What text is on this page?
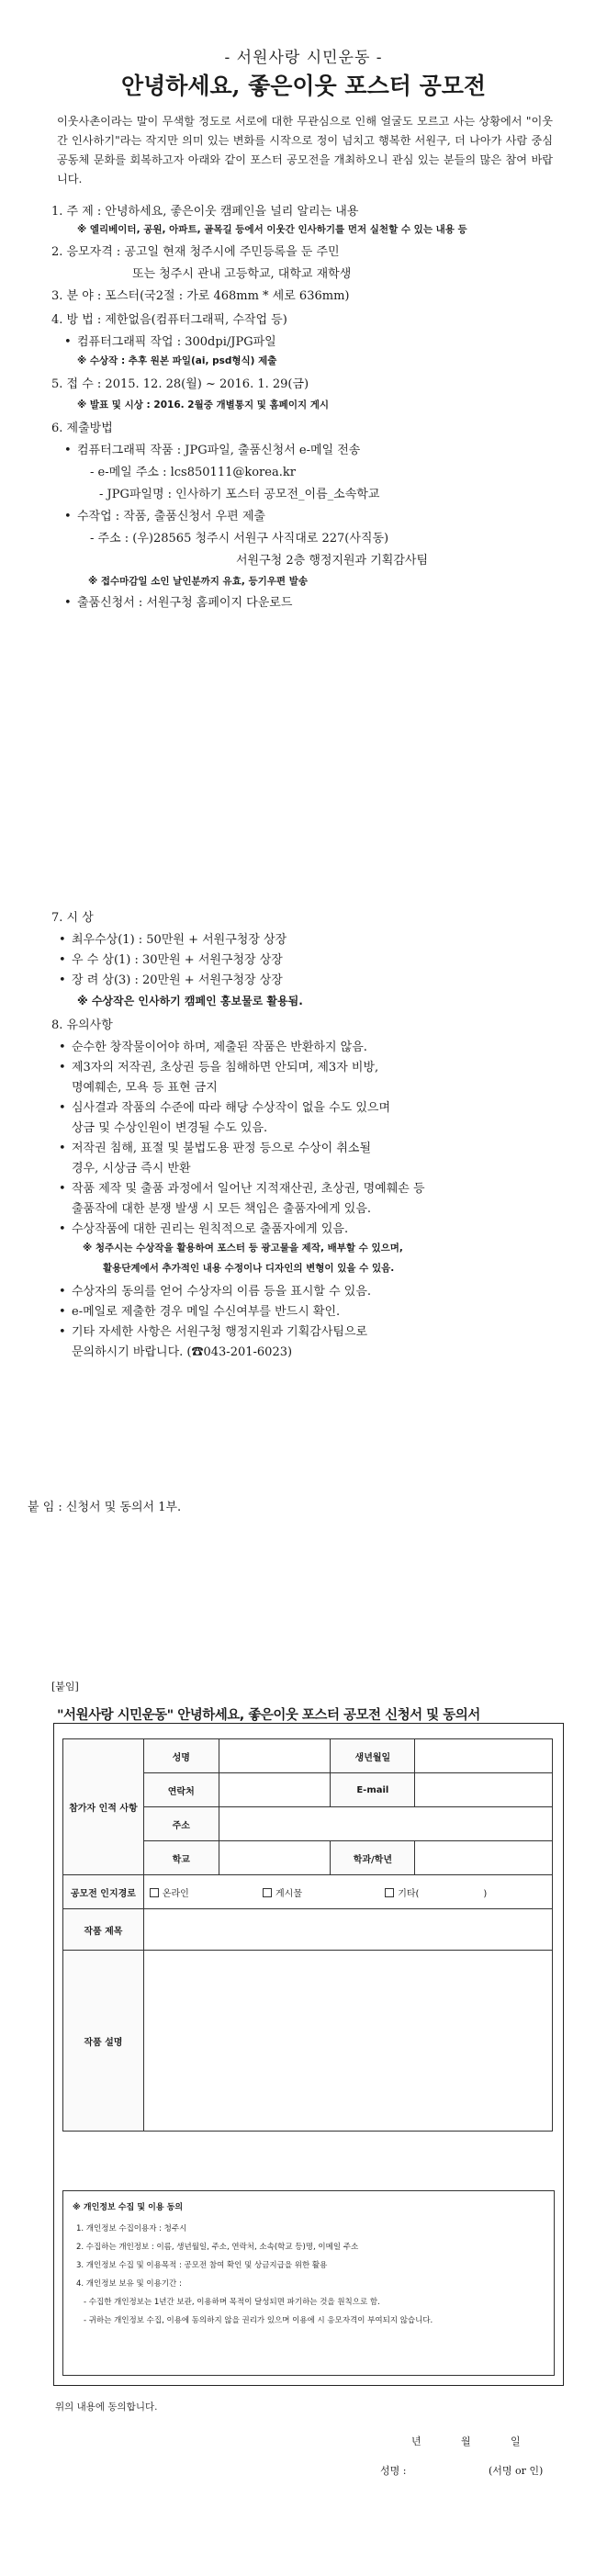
- 서원사랑 시민운동 -
안녕하세요, 좋은이웃 포스터 공모전
이웃사촌이라는 말이 무색할 정도로 서로에 대한 무관심으로 인해 얼굴도 모르고 사는 상황에서 "이웃간 인사하기"라는 작지만 의미 있는 변화를 시작으로 정이 넘치고 행복한 서원구, 더 나아가 사람 중심 공동체 문화를 회복하고자 아래와 같이 포스터 공모전을 개최하오니 관심 있는 분들의 많은 참여 바랍니다.
1. 주 제 : 안녕하세요, 좋은이웃 캠페인을 널리 알리는 내용
※ 엘리베이터, 공원, 아파트, 골목길 등에서 이웃간 인사하기를 먼저 실천할 수 있는 내용 등
2. 응모자격 : 공고일 현재 청주시에 주민등록을 둔 주민
또는 청주시 관내 고등학교, 대학교 재학생
3. 분 야 : 포스터(국2절 : 가로 468mm * 세로 636mm)
4. 방 법 : 제한없음(컴퓨터그래픽, 수작업 등)
• 컴퓨터그래픽 작업 : 300dpi/JPG파일
※ 수상작 : 추후 원본 파일(ai, psd형식) 제출
5. 접 수 : 2015. 12. 28(월) ~ 2016. 1. 29(금)
※ 발표 및 시상 : 2016. 2월중 개별통지 및 홈페이지 게시
6. 제출방법
• 컴퓨터그래픽 작품 : JPG파일, 출품신청서 e-메일 전송
- e-메일 주소 : lcs850111@korea.kr
- JPG파일명 : 인사하기 포스터 공모전_이름_소속학교
• 수작업 : 작품, 출품신청서 우편 제출
- 주소 : (우)28565 청주시 서원구 사직대로 227(사직동)
서원구청 2층 행정지원과 기획감사팀
※ 접수마감일 소인 날인분까지 유효, 등기우편 발송
• 출품신청서 : 서원구청 홈페이지 다운로드
7. 시 상
• 최우수상(1) : 50만원 + 서원구청장 상장
• 우 수 상(1) : 30만원 + 서원구청장 상장
• 장 려 상(3) : 20만원 + 서원구청장 상장
※ 수상작은 인사하기 캠페인 홍보물로 활용됨.
8. 유의사항
• 순수한 창작물이어야 하며, 제출된 작품은 반환하지 않음.
• 제3자의 저작권, 초상권 등을 침해하면 안되며, 제3자 비방,
명예훼손, 모욕 등 표현 금지
• 심사결과 작품의 수준에 따라 해당 수상작이 없을 수도 있으며
상금 및 수상인원이 변경될 수도 있음.
• 저작권 침해, 표절 및 불법도용 판정 등으로 수상이 취소될
경우, 시상금 즉시 반환
• 작품 제작 및 출품 과정에서 일어난 지적재산권, 초상권, 명예훼손 등
출품작에 대한 분쟁 발생 시 모든 책임은 출품자에게 있음.
• 수상작품에 대한 권리는 원칙적으로 출품자에게 있음.
※ 청주시는 수상작을 활용하여 포스터 등 광고물을 제작, 배부할 수 있으며,
활용단계에서 추가적인 내용 수정이나 디자인의 변형이 있을 수 있음.
• 수상자의 동의를 얻어 수상자의 이름 등을 표시할 수 있음.
• e-메일로 제출한 경우 메일 수신여부를 반드시 확인.
• 기타 자세한 사항은 서원구청 행정지원과 기획감사팀으로
문의하시기 바랍니다. (☎043-201-6023)
붙 임 : 신청서 및 동의서 1부.
[붙임]
"서원사랑 시민운동" 안녕하세요, 좋은이웃 포스터 공모전 신청서 및 동의서
참가자 인적 사항	성명		생년월일	
	연락처		E-mail	
	주소			
	학교		학과/학년	
공모전 인지경로	온라인 게시물 기타( )			
작품 제목				
작품 설명				
※ 개인정보 수집 및 이용 동의
1. 개인정보 수집이용자 : 청주시
2. 수집하는 개인정보 : 이름, 생년월일, 주소, 연락처, 소속(학교 등)명, 이메일 주소
3. 개인정보 수집 및 이용목적 : 공모전 참여 확인 및 상금지급을 위한 활용
4. 개인정보 보유 및 이용기간 :
- 수집한 개인정보는 1년간 보관, 이용하며 목적이 달성되면 파기하는 것을 원칙으로 함.
- 귀하는 개인정보 수집, 이용에 동의하지 않을 권리가 있으며 이용에 시 응모자격이 부여되지 않습니다.
위의 내용에 동의합니다.
년	월	일
성명 :	(서명 or 인)
